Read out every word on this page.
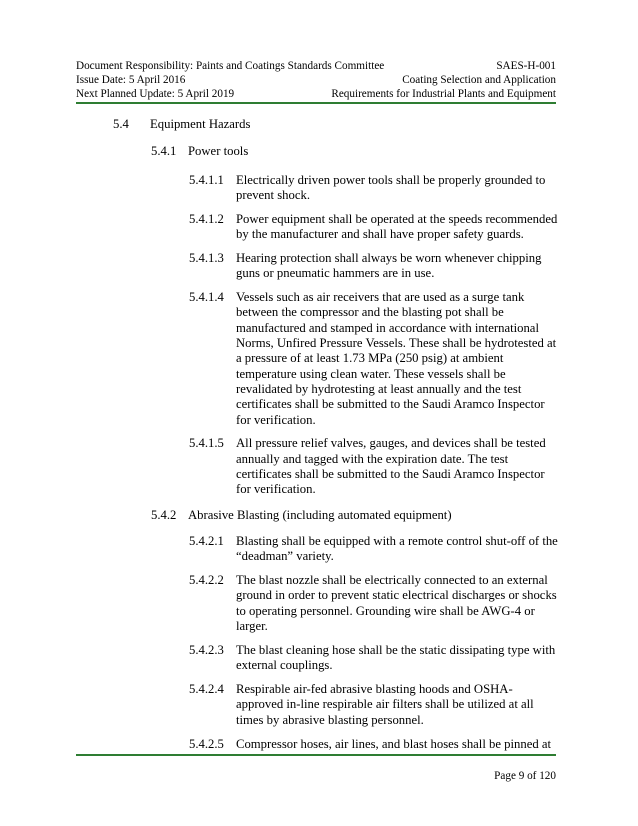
Document Responsibility: Paints and Coatings Standards Committee	SAES-H-001
Issue Date: 5 April 2016	Coating Selection and Application
Next Planned Update: 5 April 2019	Requirements for Industrial Plants and Equipment
5.4 Equipment Hazards
5.4.1 Power tools
5.4.1.1 Electrically driven power tools shall be properly grounded to prevent shock.
5.4.1.2 Power equipment shall be operated at the speeds recommended by the manufacturer and shall have proper safety guards.
5.4.1.3 Hearing protection shall always be worn whenever chipping guns or pneumatic hammers are in use.
5.4.1.4 Vessels such as air receivers that are used as a surge tank between the compressor and the blasting pot shall be manufactured and stamped in accordance with international Norms, Unfired Pressure Vessels. These shall be hydrotested at a pressure of at least 1.73 MPa (250 psig) at ambient temperature using clean water. These vessels shall be revalidated by hydrotesting at least annually and the test certificates shall be submitted to the Saudi Aramco Inspector for verification.
5.4.1.5 All pressure relief valves, gauges, and devices shall be tested annually and tagged with the expiration date. The test certificates shall be submitted to the Saudi Aramco Inspector for verification.
5.4.2 Abrasive Blasting (including automated equipment)
5.4.2.1 Blasting shall be equipped with a remote control shut-off of the “deadman” variety.
5.4.2.2 The blast nozzle shall be electrically connected to an external ground in order to prevent static electrical discharges or shocks to operating personnel. Grounding wire shall be AWG-4 or larger.
5.4.2.3 The blast cleaning hose shall be the static dissipating type with external couplings.
5.4.2.4 Respirable air-fed abrasive blasting hoods and OSHA-approved in-line respirable air filters shall be utilized at all times by abrasive blasting personnel.
5.4.2.5 Compressor hoses, air lines, and blast hoses shall be pinned at
Page 9 of 120
